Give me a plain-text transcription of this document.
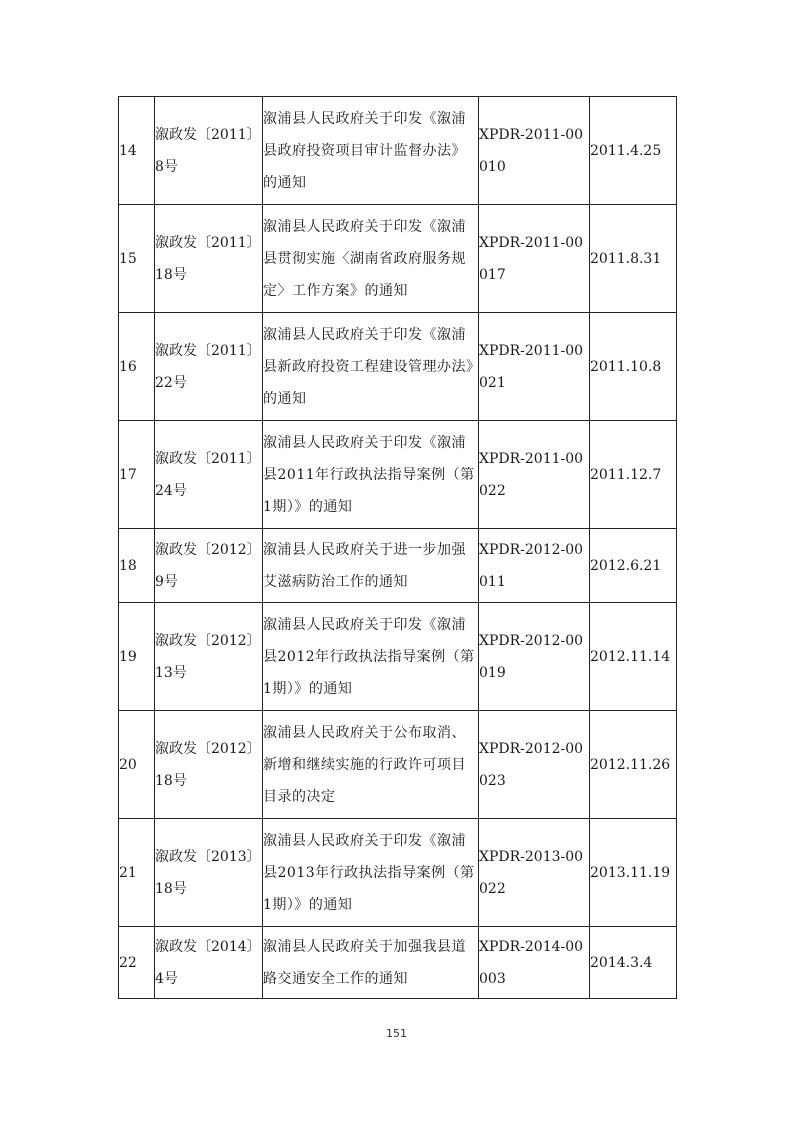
14	溆政发〔2011〕8号	溆浦县人民政府关于印发《溆浦县政府投资项目审计监督办法》的通知	XPDR-2011-00010	2011.4.25
15	溆政发〔2011〕18号	溆浦县人民政府关于印发《溆浦县贯彻实施〈湖南省政府服务规定〉工作方案》的通知	XPDR-2011-00017	2011.8.31
16	溆政发〔2011〕22号	溆浦县人民政府关于印发《溆浦县新政府投资工程建设管理办法》的通知	XPDR-2011-00021	2011.10.8
17	溆政发〔2011〕24号	溆浦县人民政府关于印发《溆浦县2011年行政执法指导案例（第1期）》的通知	XPDR-2011-00022	2011.12.7
18	溆政发〔2012〕9号	溆浦县人民政府关于进一步加强艾滋病防治工作的通知	XPDR-2012-00011	2012.6.21
19	溆政发〔2012〕13号	溆浦县人民政府关于印发《溆浦县2012年行政执法指导案例（第1期）》的通知	XPDR-2012-00019	2012.11.14
20	溆政发〔2012〕18号	溆浦县人民政府关于公布取消、新增和继续实施的行政许可项目目录的决定	XPDR-2012-00023	2012.11.26
21	溆政发〔2013〕18号	溆浦县人民政府关于印发《溆浦县2013年行政执法指导案例（第1期）》的通知	XPDR-2013-00022	2013.11.19
22	溆政发〔2014〕4号	溆浦县人民政府关于加强我县道路交通安全工作的通知	XPDR-2014-00003	2014.3.4
151
